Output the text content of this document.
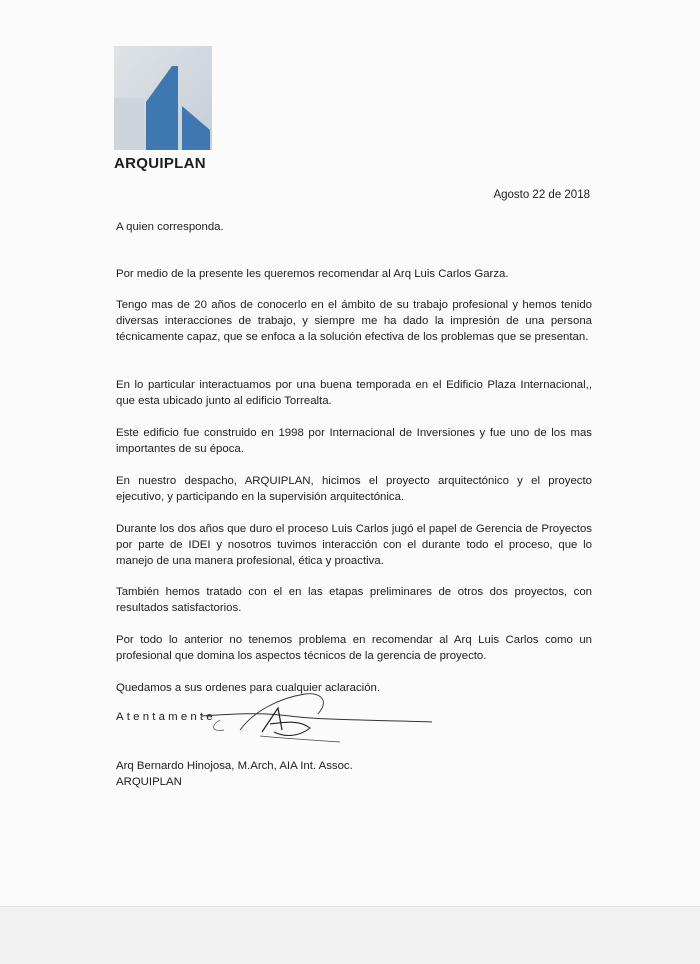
ARQUIPLAN
Agosto 22 de 2018
A quien corresponda.
Por medio de la presente les queremos recomendar al Arq Luis Carlos Garza.
Tengo mas de 20 años de conocerlo en el ámbito de su trabajo profesional y hemos tenido diversas interacciones de trabajo, y siempre me ha dado la impresión de una persona técnicamente capaz, que se enfoca a la solución efectiva de los problemas que se presentan.
En lo particular interactuamos por una buena temporada en el Edificio Plaza Internacional,, que esta ubicado junto al edificio Torrealta.
Este edificio fue construido en 1998 por Internacional de Inversiones y fue uno de los mas importantes de su época.
En nuestro despacho, ARQUIPLAN, hicimos el proyecto arquitectónico y el proyecto ejecutivo, y participando en la supervisión arquitectónica.
Durante los dos años que duro el proceso Luis Carlos jugó el papel de Gerencia de Proyectos por parte de IDEI y nosotros tuvimos interacción con el durante todo el proceso, que lo manejo de una manera profesional, ética y proactiva.
También hemos tratado con el en las etapas preliminares de otros dos proyectos, con resultados satisfactorios.
Por todo lo anterior no tenemos problema en recomendar al Arq Luis Carlos como un profesional que domina los aspectos técnicos de la gerencia de proyecto.
Quedamos a sus ordenes para cualquier aclaración.
Atentamente
Arq Bernardo Hinojosa, M.Arch, AIA Int. Assoc.
ARQUIPLAN
